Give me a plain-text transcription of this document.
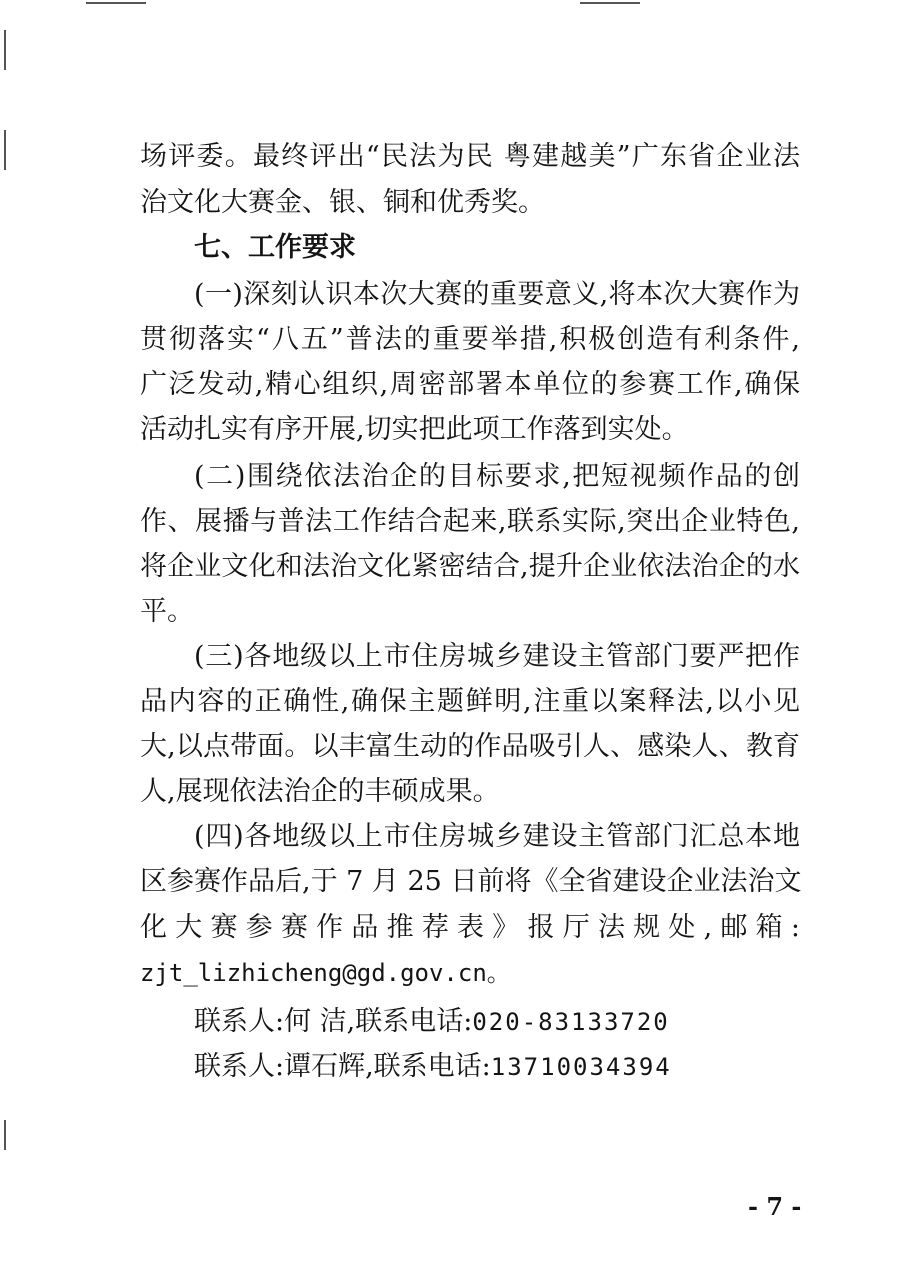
场评委。最终评出“民法为民 粤建越美”广东省企业法
治文化大赛金、银、铜和优秀奖。
七、工作要求
(一)深刻认识本次大赛的重要意义,将本次大赛作为
贯彻落实“八五”普法的重要举措,积极创造有利条件,
广泛发动,精心组织,周密部署本单位的参赛工作,确保
活动扎实有序开展,切实把此项工作落到实处。
(二)围绕依法治企的目标要求,把短视频作品的创
作、展播与普法工作结合起来,联系实际,突出企业特色,
将企业文化和法治文化紧密结合,提升企业依法治企的水
平。
(三)各地级以上市住房城乡建设主管部门要严把作
品内容的正确性,确保主题鲜明,注重以案释法,以小见
大,以点带面。以丰富生动的作品吸引人、感染人、教育
人,展现依法治企的丰硕成果。
(四)各地级以上市住房城乡建设主管部门汇总本地
区参赛作品后,于 7 月 25 日前将《全省建设企业法治文
化大赛参赛作品推荐表》报厅法规处,邮箱:
zjt_lizhicheng@gd.gov.cn。
联系人:何 洁,联系电话:020-83133720
联系人:谭石辉,联系电话:13710034394
- 7 -
